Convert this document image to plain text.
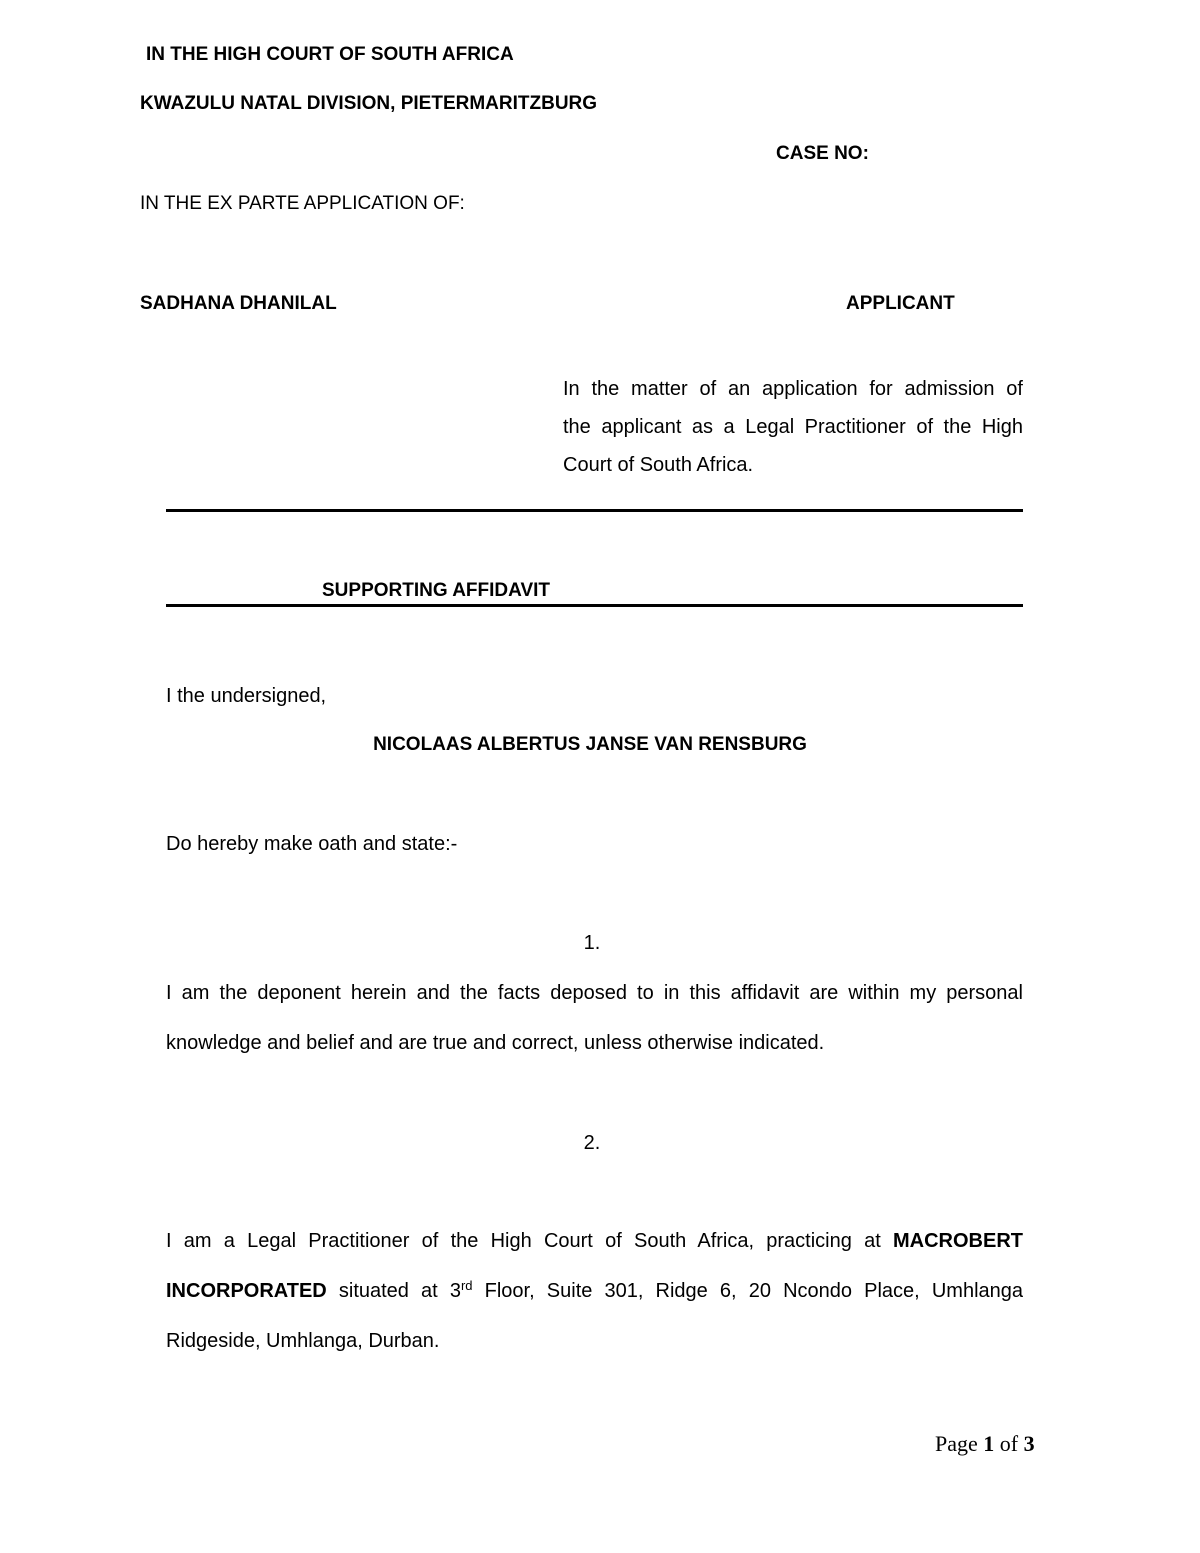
IN THE HIGH COURT OF SOUTH AFRICA
KWAZULU NATAL DIVISION, PIETERMARITZBURG
CASE NO:
IN THE EX PARTE APPLICATION OF:
SADHANA DHANILAL	APPLICANT
In the matter of an application for admission of
the applicant as a Legal Practitioner of the High
Court of South Africa.
SUPPORTING AFFIDAVIT
I the undersigned,
NICOLAAS ALBERTUS JANSE VAN RENSBURG
Do hereby make oath and state:-
1.
I am the deponent herein and the facts deposed to in this affidavit are within my personal
knowledge and belief and are true and correct, unless otherwise indicated.
2.
I am a Legal Practitioner of the High Court of South Africa, practicing at MACROBERT
INCORPORATED situated at 3rd Floor, Suite 301, Ridge 6, 20 Ncondo Place, Umhlanga
Ridgeside, Umhlanga, Durban.
Page 1 of 3
